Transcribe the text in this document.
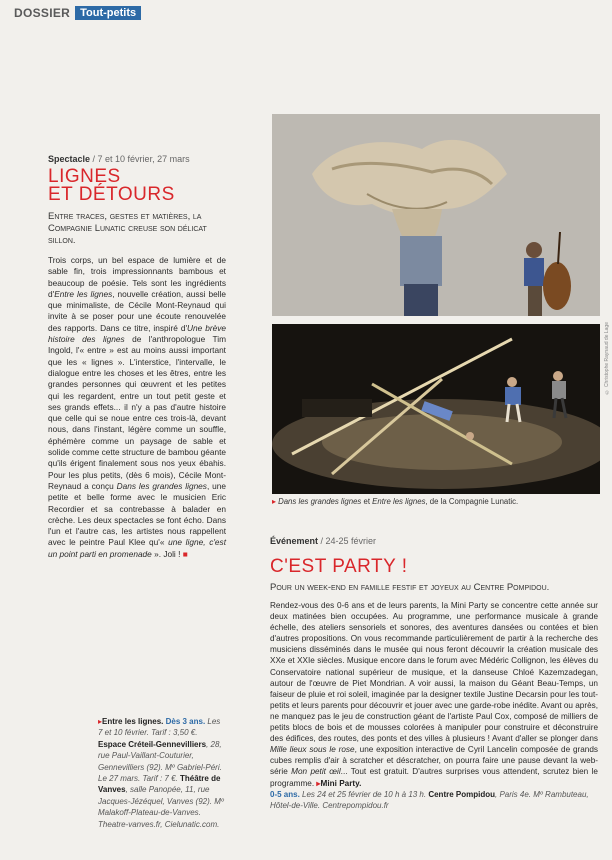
DOSSIER Tout-petits
Spectacle / 7 et 10 février, 27 mars
LIGNES
ET DÉTOURS
Entre traces, gestes et matières, la Compagnie Lunatic creuse son délicat sillon.
Trois corps, un bel espace de lumière et de sable fin, trois impressionnants bambous et beaucoup de poésie. Tels sont les ingrédients d'Entre les lignes, nouvelle création, aussi belle que minimaliste, de Cécile Mont-Reynaud qui invite à se poser pour une écoute renouvelée des rapports. Dans ce titre, inspiré d'Une brève histoire des lignes de l'anthropologue Tim Ingold, l'« entre » est au moins aussi important que les « lignes ». L'interstice, l'intervalle, le dialogue entre les choses et les êtres, entre les grandes personnes qui œuvrent et les petites qui les regardent, entre un tout petit geste et ses grands effets... il n'y a pas d'autre histoire que celle qui se noue entre ces trois-là, devant nous, dans l'instant, légère comme un souffle, éphémère comme un paysage de sable et solide comme cette structure de bambou géante qu'ils érigent finalement sous nos yeux ébahis. Pour les plus petits, (dès 6 mois), Cécile Mont-Reynaud a conçu Dans les grandes lignes, une petite et belle forme avec le musicien Eric Recordier et sa contrebasse à balader en crèche. Les deux spectacles se font écho. Dans l'un et l'autre cas, les artistes nous rappellent avec le peintre Paul Klee qu'« une ligne, c'est un point parti en promenade ». Joli ! ■
▸Entre les lignes. Dès 3 ans. Les 7 et 10 février. Tarif : 3,50 €. Espace Créteil-Gennevilliers, 28, rue Paul-Vaillant-Couturier, Gennevilliers (92). Mº Gabriel-Péri. Le 27 mars. Tarif : 7 €. Théâtre de Vanves, salle Panopée, 11, rue Jacques-Jézéquel, Vanves (92). Mº Malakoff-Plateau-de-Vanves. Theatre-vanves.fr, Cielunatic.com.
© Christophe Raynaud de Lage
▸ Dans les grandes lignes et Entre les lignes, de la Compagnie Lunatic.
Événement / 24-25 février
C'EST PARTY !
Pour un week-end en famille festif et joyeux au Centre Pompidou.
Rendez-vous des 0-6 ans et de leurs parents, la Mini Party se concentre cette année sur deux matinées bien occupées. Au programme, une performance musicale à grande échelle, des ateliers sensoriels et sonores, des aventures dansées ou contées et bien d'autres propositions. On vous recommande particulièrement de partir à la recherche des musiciens disséminés dans le musée qui nous feront découvrir la création musicale des XXe et XXIe siècles. Musique encore dans le forum avec Médéric Collignon, les élèves du Conservatoire national supérieur de musique, et la danseuse Chloé Kazemzadegan, autour de l'œuvre de Piet Mondrian. A voir aussi, la maison du Géant Beau-Temps, un faiseur de pluie et roi soleil, imaginée par la designer textile Justine Decarsin pour les tout-petits et leurs parents pour découvrir et jouer avec une garde-robe inédite. Avant ou après, ne manquez pas le jeu de construction géant de l'artiste Paul Cox, composé de milliers de petits blocs de bois et de mousses colorées à manipuler pour construire et déconstruire des édifices, des routes, des ponts et des villes à plusieurs ! Avant d'aller se plonger dans Mille lieux sous le rose, une exposition interactive de Cyril Lancelin composée de grands cubes remplis d'air à scratcher et déscratcher, on pourra faire une pause devant la web-série Mon petit œil... Tout est gratuit. D'autres surprises vous attendent, scrutez bien le programme. ▸Mini Party.
0-5 ans. Les 24 et 25 février de 10 h à 13 h. Centre Pompidou, Paris 4e. Mº Rambuteau, Hôtel-de-Ville. Centrepompidou.fr
